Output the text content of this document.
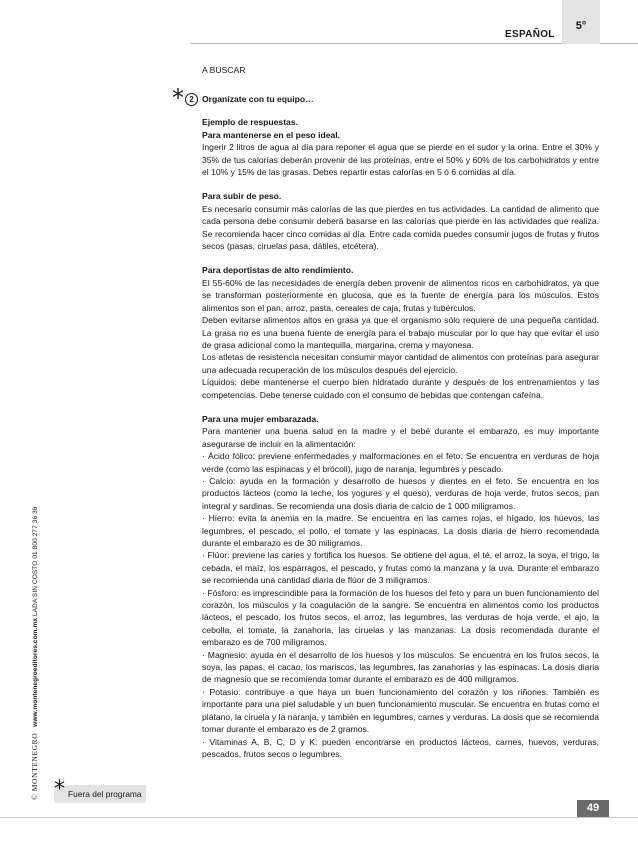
ESPAÑOL
5°
© MONTENEGRO www.montenegroeditores.com.mx LADA SIN COSTO 01 800 277 36 36

A BUSCAR

* 2 Organízate con tu equipo…

Ejemplo de respuestas.

Para mantenerse en el peso ideal.

Ingerir 2 litros de agua al día para reponer el agua que se pierde en el sudor y la orina. Entre el 30% y 35% de tus calorías deberán provenir de las proteínas, entre el 50% y 60% de los carbohidratos y entre el 10% y 15% de las grasas. Debes repartir estas calorías en 5 ó 6 comidas al día.

Para subir de peso.

Es necesario consumir más calorías de las que pierdes en tus actividades. La cantidad de alimento que cada persona debe consumir deberá basarse en las calorías que pierde en las actividades que realiza. Se recomienda hacer cinco comidas al día. Entre cada comida puedes consumir jugos de frutas y frutos secos (pasas, ciruelas pasa, dátiles, etcétera).

Para deportistas de alto rendimiento.

El 55-60% de las necesidades de energía deben provenir de alimentos ricos en carbohidratos, ya que se transforman posteriormente en glucosa, que es la fuente de energía para los músculos. Estos alimentos son el pan, arroz, pasta, cereales de caja, frutas y tubérculos.

Deben evitarse alimentos altos en grasa ya que el organismo sólo requiere de una pequeña cantidad. La grasa no es una buena fuente de energía para el trabajo muscular por lo que hay que evitar el uso de grasa adicional como la mantequilla, margarina, crema y mayonesa.

Los atletas de resistencia necesitan consumir mayor cantidad de alimentos con proteínas para asegurar una adecuada recuperación de los músculos después del ejercicio.

Líquidos: debe mantenerse el cuerpo bien hidratado durante y después de los entrenamientos y las competencias. Debe tenerse cuidado con el consumo de bebidas que contengan cafeína.

Para una mujer embarazada.

Para mantener una buena salud en la madre y el bebé durante el embarazo, es muy importante asegurarse de incluir en la alimentación:

· Ácido fólico: previene enfermedades y malformaciones en el feto. Se encuentra en verduras de hoja verde (como las espinacas y el brócoli), jugo de naranja, legumbres y pescado.

· Calcio: ayuda en la formación y desarrollo de huesos y dientes en el feto. Se encuentra en los productos lácteos (como la leche, los yogures y el queso), verduras de hoja verde, frutos secos, pan integral y sardinas. Se recomienda una dosis diaria de calcio de 1 000 miligramos.

· Hierro: evita la anemia en la madre. Se encuentra en las carnes rojas, el hígado, los huevos, las legumbres, el pescado, el pollo, el tomate y las espinacas. La dosis diaria de hierro recomendada durante el embarazo es de 30 miligramos.

· Flúor: previene las caries y fortifica los huesos. Se obtiene del agua, el té, el arroz, la soya, el trigo, la cebada, el maíz, los espárragos, el pescado, y frutas como la manzana y la uva. Durante el embarazo se recomienda una cantidad diaria de flúor de 3 miligramos.

· Fósforo: es imprescindible para la formación de los huesos del feto y para un buen funcionamiento del corazón, los músculos y la coagulación de la sangre. Se encuentra en alimentos como los productos lácteos, el pescado, los frutos secos, el arroz, las legumbres, las verduras de hoja verde, el ajo, la cebolla, el tomate, la zanahoria, las ciruelas y las manzanas. La dosis recomendada durante el embarazo es de 700 miligramos.

· Magnesio: ayuda en el desarrollo de los huesos y los músculos. Se encuentra en los frutos secos, la soya, las papas, el cacao, los mariscos, las legumbres, las zanahorias y las espinacas. La dosis diaria de magnesio que se recomienda tomar durante el embarazo es de 400 miligramos.

· Potasio: contribuye a que haya un buen funcionamiento del corazón y los riñones. También es importante para una piel saludable y un buen funcionamiento muscular. Se encuentra en frutas como el plátano, la ciruela y la naranja, y también en legumbres, carnes y verduras. La dosis que se recomienda tomar durante el embarazo es de 2 gramos.

· Vitaminas A, B, C, D y K: pueden encontrarse en productos lácteos, carnes, huevos, verduras, pescados, frutos secos o legumbres.

* Fuera del programa
49
